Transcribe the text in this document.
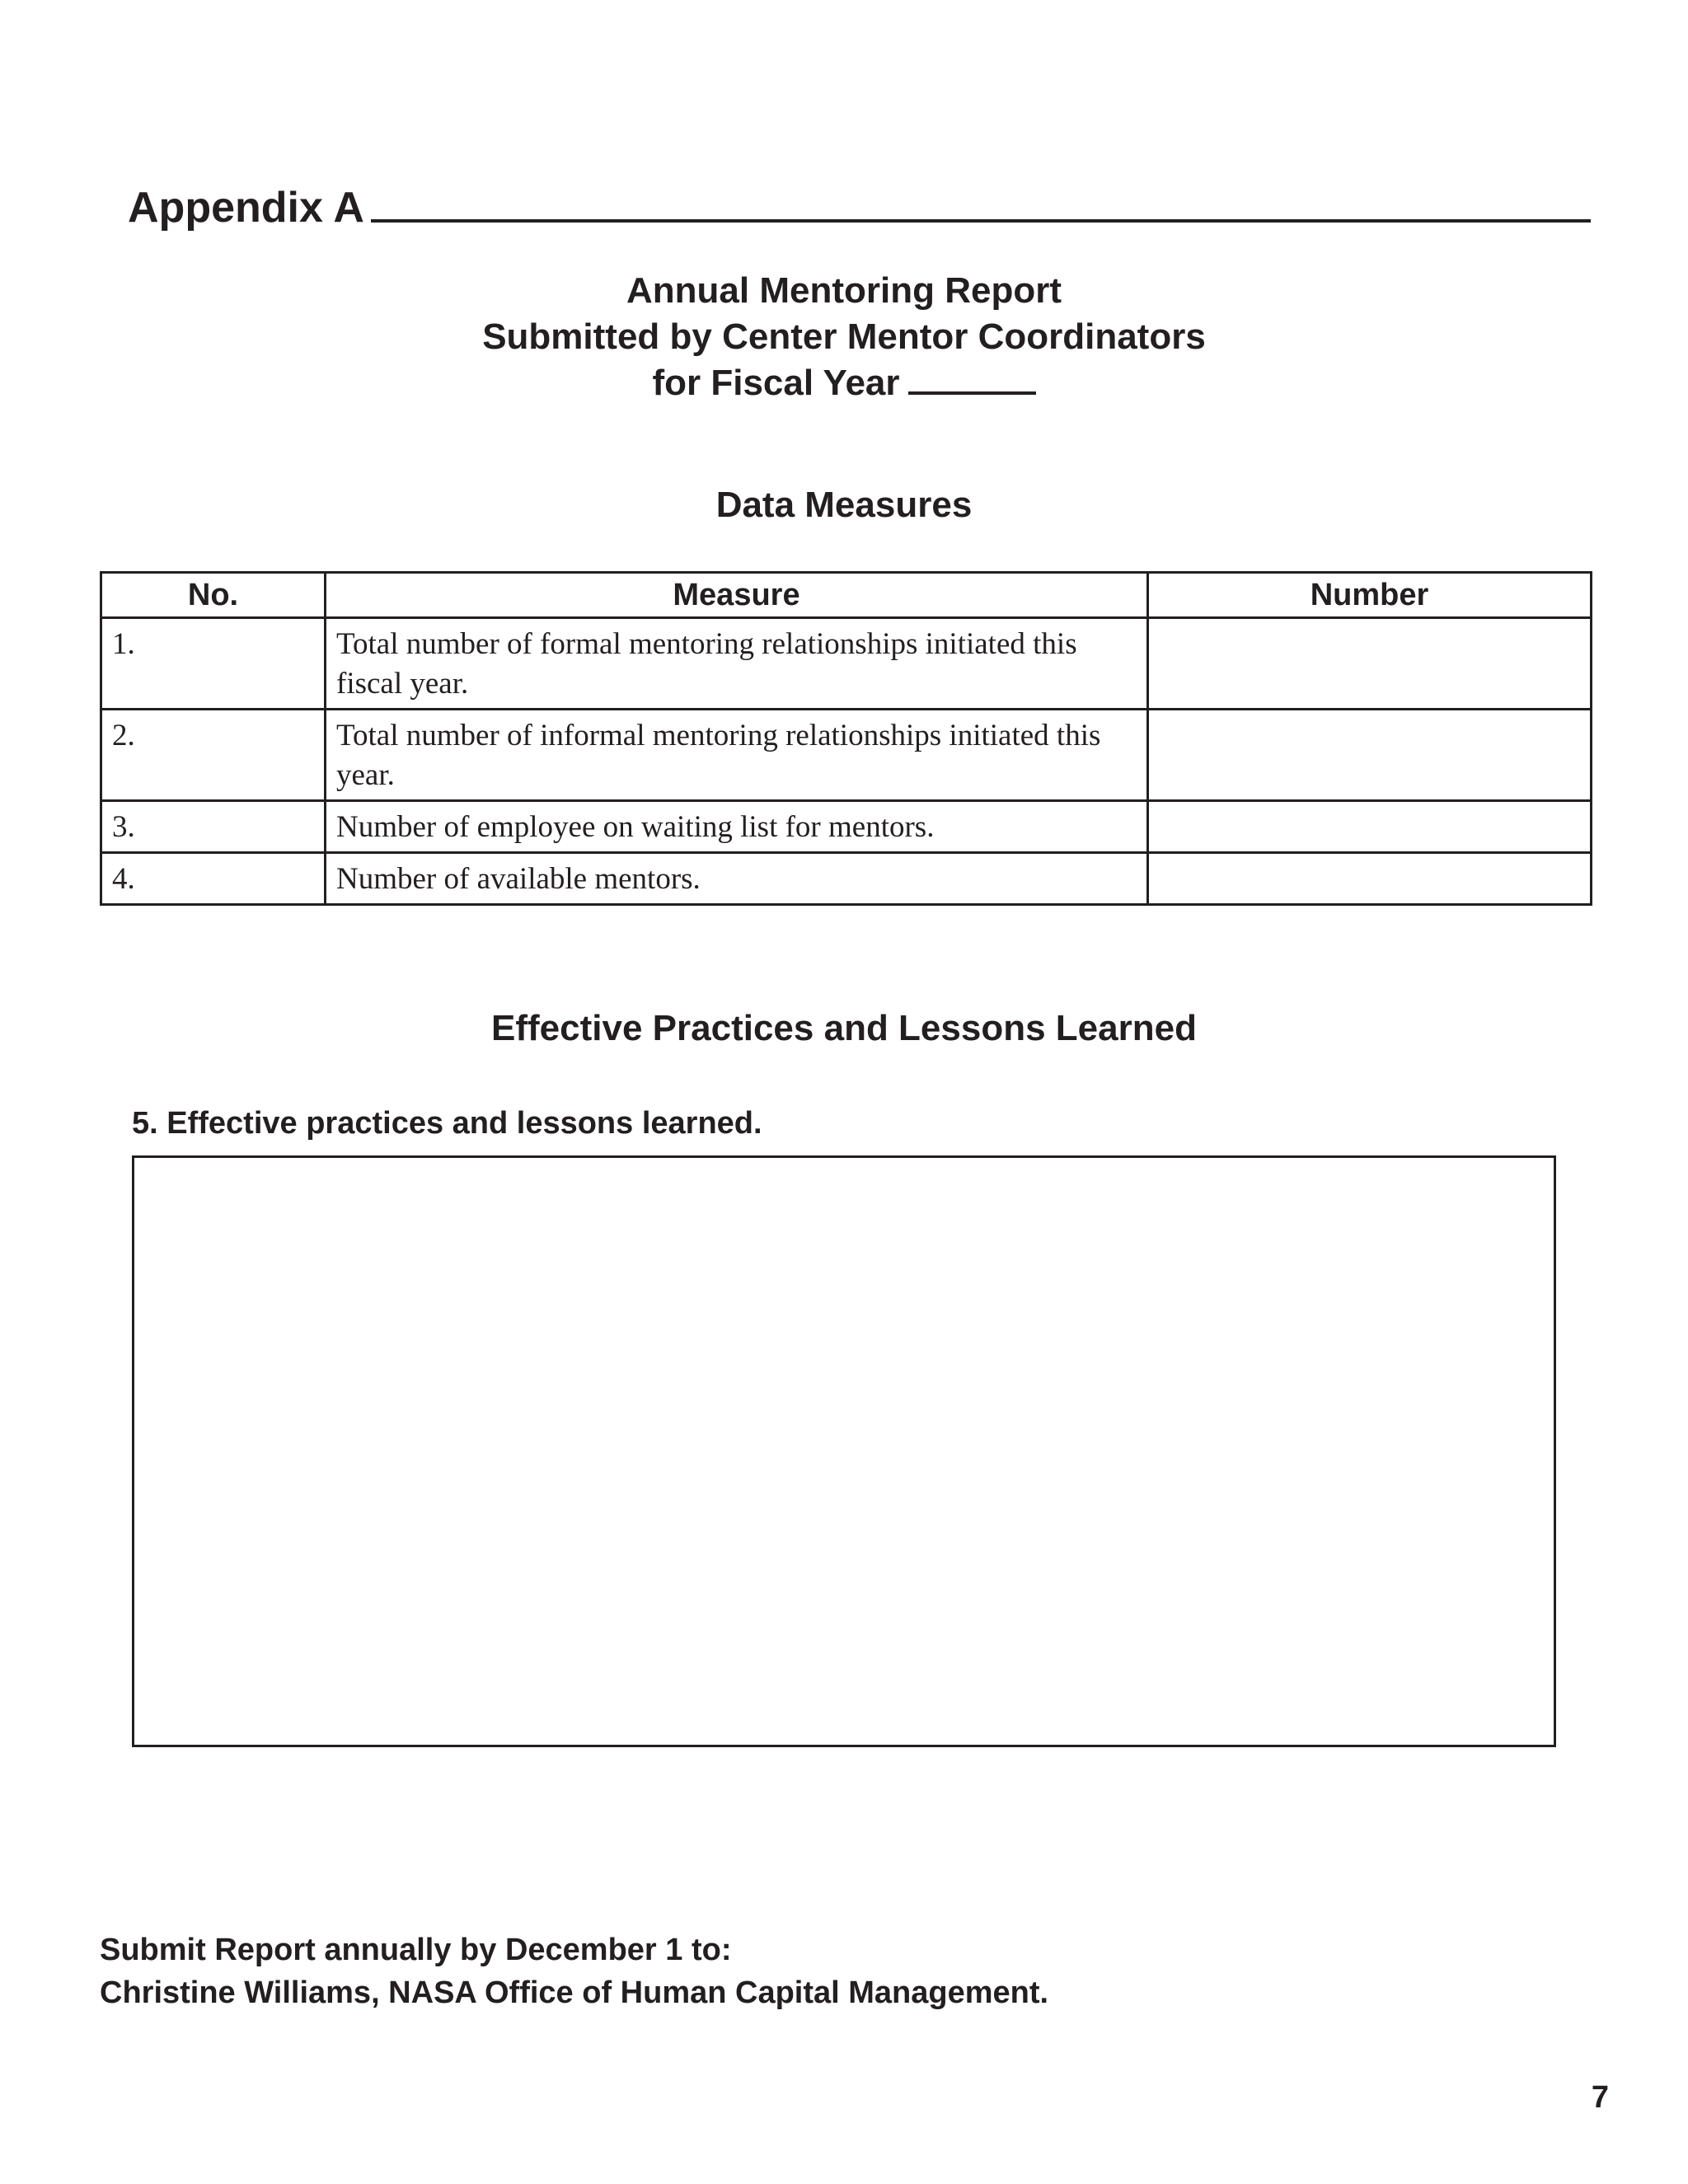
Appendix A
Annual Mentoring Report
Submitted by Center Mentor Coordinators
for Fiscal Year
Data Measures
No.	Measure	Number
1.	Total number of formal mentoring relationships initiated this fiscal year.	
2.	Total number of informal mentoring relationships initiated this year.	
3.	Number of employee on waiting list for mentors.	
4.	Number of available mentors.	
Effective Practices and Lessons Learned
5. Effective practices and lessons learned.
Submit Report annually by December 1 to:
Christine Williams, NASA Office of Human Capital Management.
7
